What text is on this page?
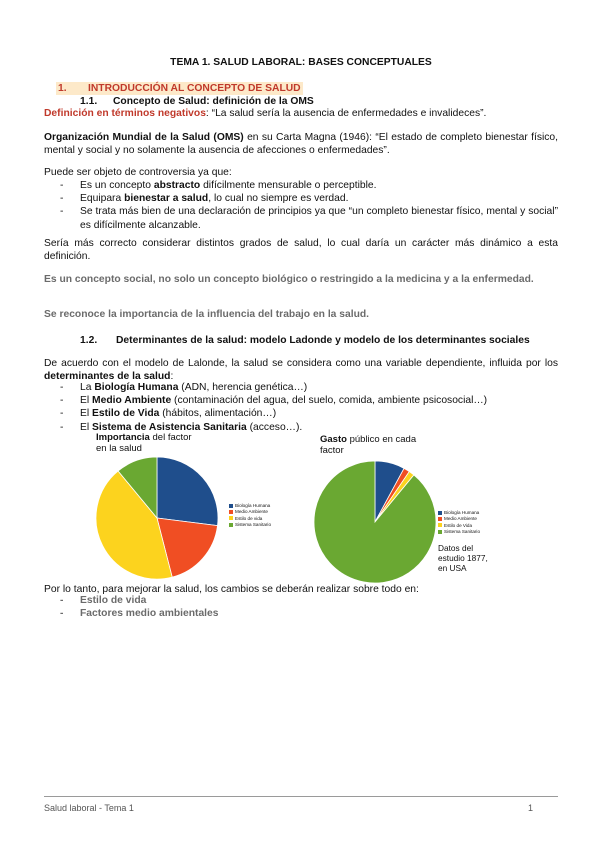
TEMA 1. SALUD LABORAL: BASES CONCEPTUALES
1. INTRODUCCIÓN AL CONCEPTO DE SALUD
1.1. Concepto de Salud: definición de la OMS
Definición en términos negativos: “La salud sería la ausencia de enfermedades e invalideces”.
Organización Mundial de la Salud (OMS) en su Carta Magna (1946): “El estado de completo bienestar físico, mental y social y no solamente la ausencia de afecciones o enfermedades”.
Puede ser objeto de controversia ya que:
- Es un concepto abstracto difícilmente mensurable o perceptible.
- Equipara bienestar a salud, lo cual no siempre es verdad.
- Se trata más bien de una declaración de principios ya que “un completo bienestar físico, mental y social” es difícilmente alcanzable.
Sería más correcto considerar distintos grados de salud, lo cual daría un carácter más dinámico a esta definición.
Es un concepto social, no solo un concepto biológico o restringido a la medicina y a la enfermedad.
Se reconoce la importancia de la influencia del trabajo en la salud.
1.2.	Determinantes de la salud: modelo Ladonde y modelo de los determinantes sociales
De acuerdo con el modelo de Lalonde, la salud se considera como una variable dependiente, influida por los determinantes de la salud:
- La Biología Humana (ADN, herencia genética…)
- El Medio Ambiente (contaminación del agua, del suelo, comida, ambiente psicosocial…)
- El Estilo de Vida (hábitos, alimentación…)
- El Sistema de Asistencia Sanitaria (acceso…).
Importancia del factor
en la salud
Biología Humana
Medio Ambiente
Estilo de vida
Sistema Sanitario
Gasto público en cada
factor
Biología Humana
Medio Ambiente
Estilo de Vida
Sistema Sanitario
Datos del
estudio 1877,
en USA
Por lo tanto, para mejorar la salud, los cambios se deberán realizar sobre todo en:
- Estilo de vida
- Factores medio ambientales
Salud laboral - Tema 1	1
